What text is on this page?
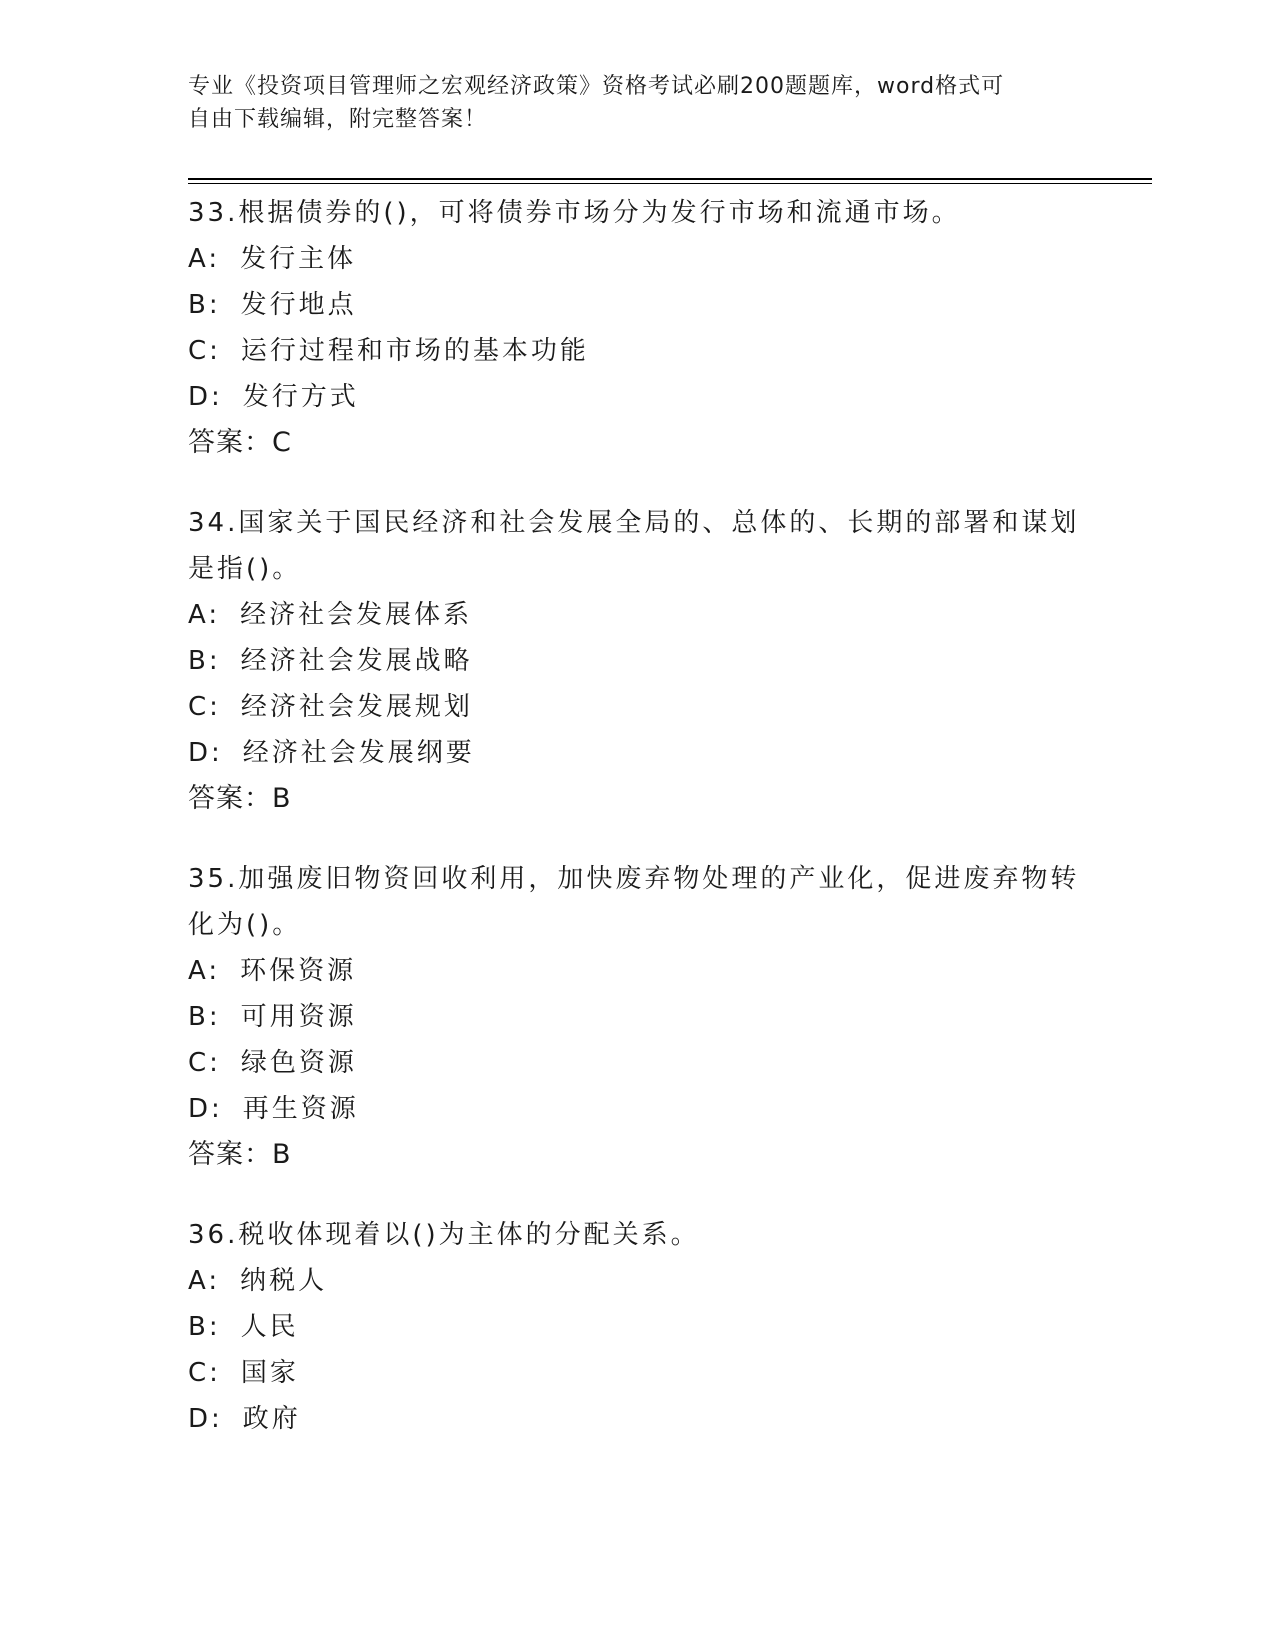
专业《投资项目管理师之宏观经济政策》资格考试必刷200题题库，word格式可
自由下载编辑，附完整答案！
33.根据债券的()，可将债券市场分为发行市场和流通市场。
A: 发行主体
B: 发行地点
C: 运行过程和市场的基本功能
D: 发行方式
答案：C
34.国家关于国民经济和社会发展全局的、总体的、长期的部署和谋划是指()。
A: 经济社会发展体系
B: 经济社会发展战略
C: 经济社会发展规划
D: 经济社会发展纲要
答案：B
35.加强废旧物资回收利用，加快废弃物处理的产业化，促进废弃物转化为()。
A: 环保资源
B: 可用资源
C: 绿色资源
D: 再生资源
答案：B
36.税收体现着以()为主体的分配关系。
A: 纳税人
B: 人民
C: 国家
D: 政府
